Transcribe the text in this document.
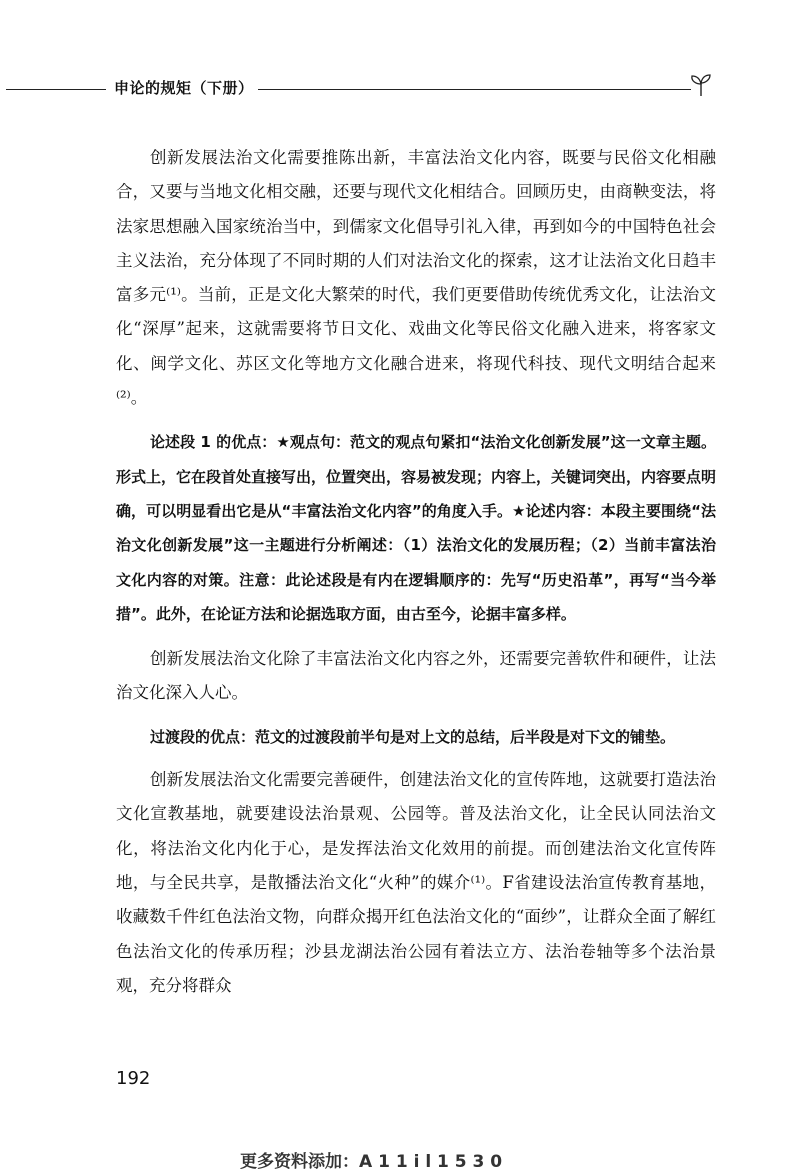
申论的规矩（下册）

创新发展法治文化需要推陈出新，丰富法治文化内容，既要与民俗文化相融合，又要与当地文化相交融，还要与现代文化相结合。回顾历史，由商鞅变法，将法家思想融入国家统治当中，到儒家文化倡导引礼入律，再到如今的中国特色社会主义法治，充分体现了不同时期的人们对法治文化的探索，这才让法治文化日趋丰富多元⁽¹⁾。当前，正是文化大繁荣的时代，我们更要借助传统优秀文化，让法治文化“深厚”起来，这就需要将节日文化、戏曲文化等民俗文化融入进来，将客家文化、闽学文化、苏区文化等地方文化融合进来，将现代科技、现代文明结合起来⁽²⁾。

论述段 1 的优点：★观点句：范文的观点句紧扣“法治文化创新发展”这一文章主题。形式上，它在段首处直接写出，位置突出，容易被发现；内容上，关键词突出，内容要点明确，可以明显看出它是从“丰富法治文化内容”的角度入手。★论述内容：本段主要围绕“法治文化创新发展”这一主题进行分析阐述：（1）法治文化的发展历程；（2）当前丰富法治文化内容的对策。注意：此论述段是有内在逻辑顺序的：先写“历史沿革”，再写“当今举措”。此外，在论证方法和论据选取方面，由古至今，论据丰富多样。

创新发展法治文化除了丰富法治文化内容之外，还需要完善软件和硬件，让法治文化深入人心。

过渡段的优点：范文的过渡段前半句是对上文的总结，后半段是对下文的铺垫。

创新发展法治文化需要完善硬件，创建法治文化的宣传阵地，这就要打造法治文化宣教基地，就要建设法治景观、公园等。普及法治文化，让全民认同法治文化，将法治文化内化于心，是发挥法治文化效用的前提。而创建法治文化宣传阵地，与全民共享，是散播法治文化“火种”的媒介⁽¹⁾。F省建设法治宣传教育基地，收藏数千件红色法治文物，向群众揭开红色法治文化的“面纱”，让群众全面了解红色法治文化的传承历程；沙县龙湖法治公园有着法立方、法治卷轴等多个法治景观，充分将群众

192
更多资料添加：A 1 1 i l 1 5 3 0
